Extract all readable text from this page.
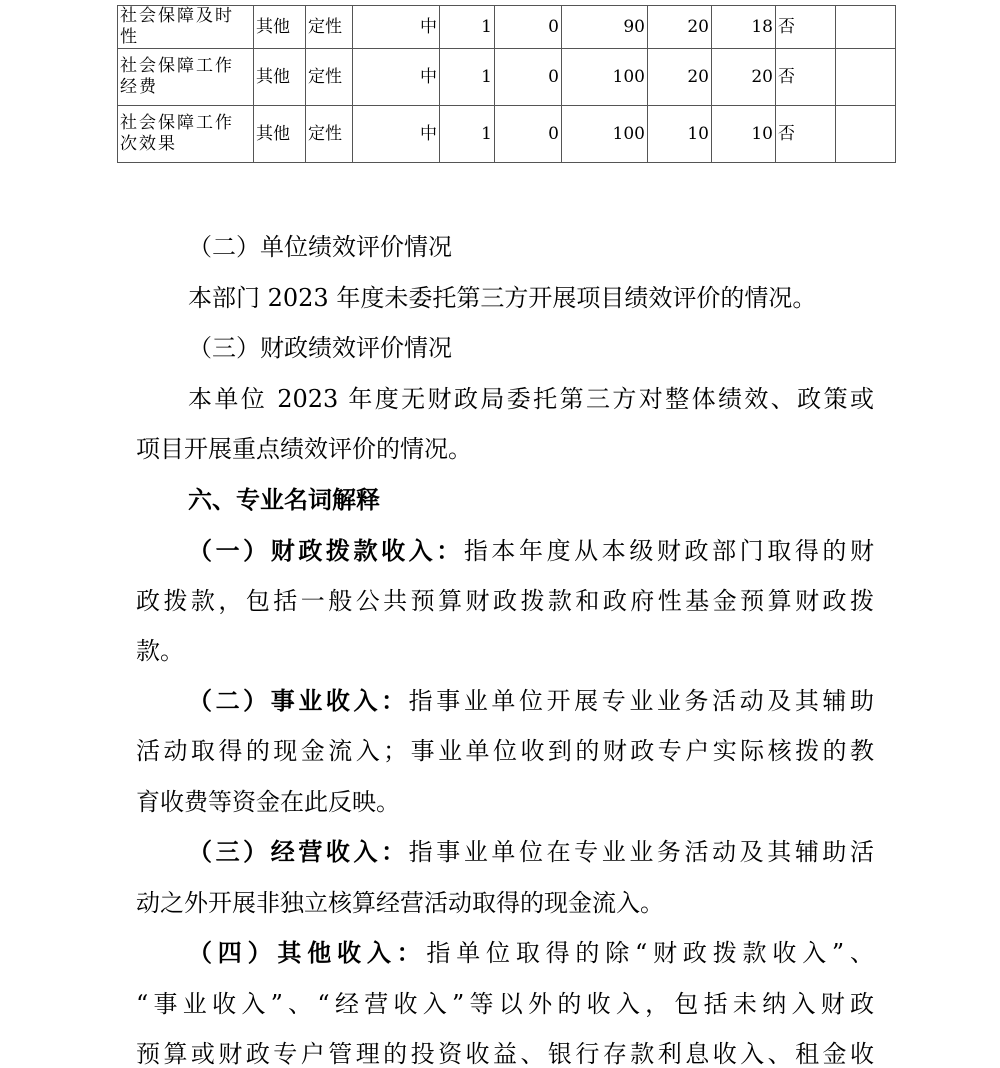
社会保障及时性	其他	定性	中	1	0	90	20	18	否	
社会保障工作经费	其他	定性	中	1	0	100	20	20	否	
社会保障工作次效果	其他	定性	中	1	0	100	10	10	否	
（二）单位绩效评价情况
本部门 2023 年度未委托第三方开展项目绩效评价的情况。
（三）财政绩效评价情况
本单位 2023 年度无财政局委托第三方对整体绩效、政策或
项目开展重点绩效评价的情况。
六、专业名词解释
（一）财政拨款收入：指本年度从本级财政部门取得的财
政拨款，包括一般公共预算财政拨款和政府性基金预算财政拨
款。
（二）事业收入：指事业单位开展专业业务活动及其辅助
活动取得的现金流入；事业单位收到的财政专户实际核拨的教
育收费等资金在此反映。
（三）经营收入：指事业单位在专业业务活动及其辅助活
动之外开展非独立核算经营活动取得的现金流入。
（四）其他收入：指单位取得的除“财政拨款收入”、
“事业收入”、“经营收入”等以外的收入，包括未纳入财政
预算或财政专户管理的投资收益、银行存款利息收入、租金收
